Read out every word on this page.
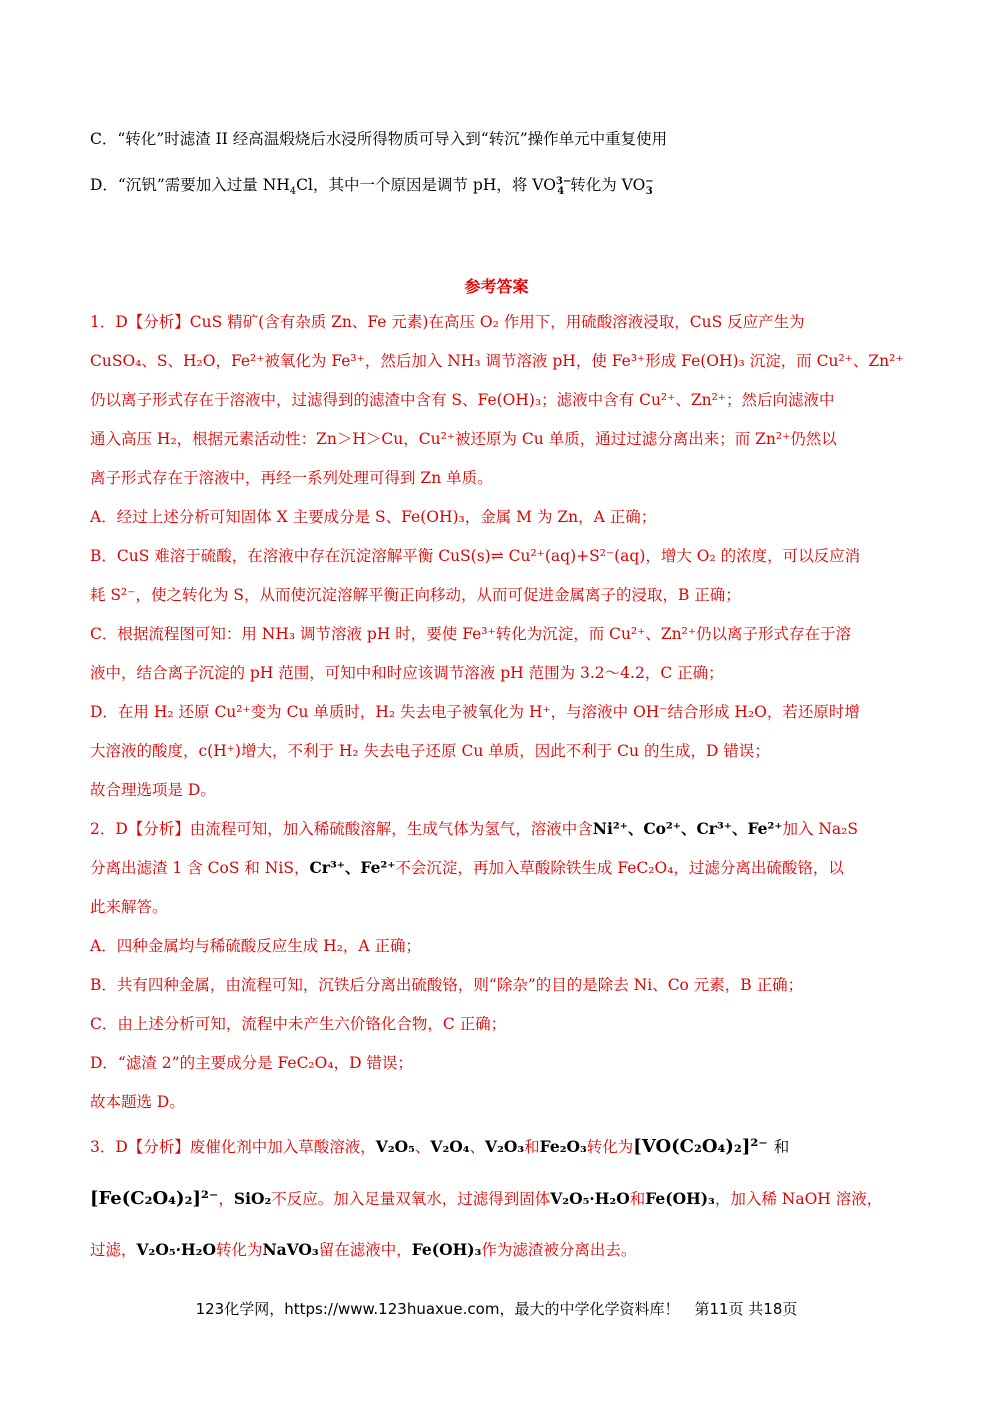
C．“转化”时滤渣 II 经高温煅烧后水浸所得物质可导入到“转沉”操作单元中重复使用
D．“沉钒”需要加入过量 $NH_4Cl$，其中一个原因是调节 pH，将 $VO^{3-}_4$ 转化为 $VO^-_3$
参考答案
1．D【分析】CuS 精矿(含有杂质 Zn、Fe 元素)在高压 O₂ 作用下，用硫酸溶液浸取，CuS 反应产生为
CuSO₄、S、H₂O，Fe²⁺被氧化为 Fe³⁺，然后加入 NH₃ 调节溶液 pH，使 Fe³⁺形成 Fe(OH)₃ 沉淀，而 Cu²⁺、Zn²⁺
仍以离子形式存在于溶液中，过滤得到的滤渣中含有 S、Fe(OH)₃；滤液中含有 Cu²⁺、Zn²⁺；然后向滤液中
通入高压 H₂，根据元素活动性：Zn＞H＞Cu，Cu²⁺被还原为 Cu 单质，通过过滤分离出来；而 Zn²⁺仍然以
离子形式存在于溶液中，再经一系列处理可得到 Zn 单质。
A．经过上述分析可知固体 X 主要成分是 S、Fe(OH)₃，金属 M 为 Zn，A 正确；
B．CuS 难溶于硫酸，在溶液中存在沉淀溶解平衡 CuS(s)⇌ Cu²⁺(aq)+S²⁻(aq)，增大 O₂ 的浓度，可以反应消
耗 S²⁻，使之转化为 S，从而使沉淀溶解平衡正向移动，从而可促进金属离子的浸取，B 正确；
C．根据流程图可知：用 NH₃ 调节溶液 pH 时，要使 Fe³⁺转化为沉淀，而 Cu²⁺、Zn²⁺仍以离子形式存在于溶
液中，结合离子沉淀的 pH 范围，可知中和时应该调节溶液 pH 范围为 3.2～4.2，C 正确；
D．在用 H₂ 还原 Cu²⁺变为 Cu 单质时，H₂ 失去电子被氧化为 H⁺，与溶液中 OH⁻结合形成 H₂O，若还原时增
大溶液的酸度，c(H⁺)增大，不利于 H₂ 失去电子还原 Cu 单质，因此不利于 Cu 的生成，D 错误；
故合理选项是 D。
2．D【分析】由流程可知，加入稀硫酸溶解，生成气体为氢气，溶液中含Ni²⁺、Co²⁺、Cr³⁺、Fe²⁺加入 Na₂S
分离出滤渣 1 含 CoS 和 NiS，Cr³⁺、Fe²⁺不会沉淀，再加入草酸除铁生成 FeC₂O₄，过滤分离出硫酸铬，以
此来解答。
A．四种金属均与稀硫酸反应生成 H₂，A 正确；
B．共有四种金属，由流程可知，沉铁后分离出硫酸铬，则“除杂”的目的是除去 Ni、Co 元素，B 正确；
C．由上述分析可知，流程中未产生六价铬化合物，C 正确；
D．“滤渣 2”的主要成分是 FeC₂O₄，D 错误；
故本题选 D。
3．D【分析】废催化剂中加入草酸溶液，V₂O₅、V₂O₄、V₂O₃和Fe₂O₃转化为[VO(C₂O₄)₂]²⁻ 和
[Fe(C₂O₄)₂]²⁻，SiO₂不反应。加入足量双氧水，过滤得到固体V₂O₅·H₂O和Fe(OH)₃，加入稀 NaOH 溶液，
过滤，V₂O₅·H₂O转化为NaVO₃留在滤液中，Fe(OH)₃作为滤渣被分离出去。
123化学网，https://www.123huaxue.com，最大的中学化学资料库！　第11页 共18页
